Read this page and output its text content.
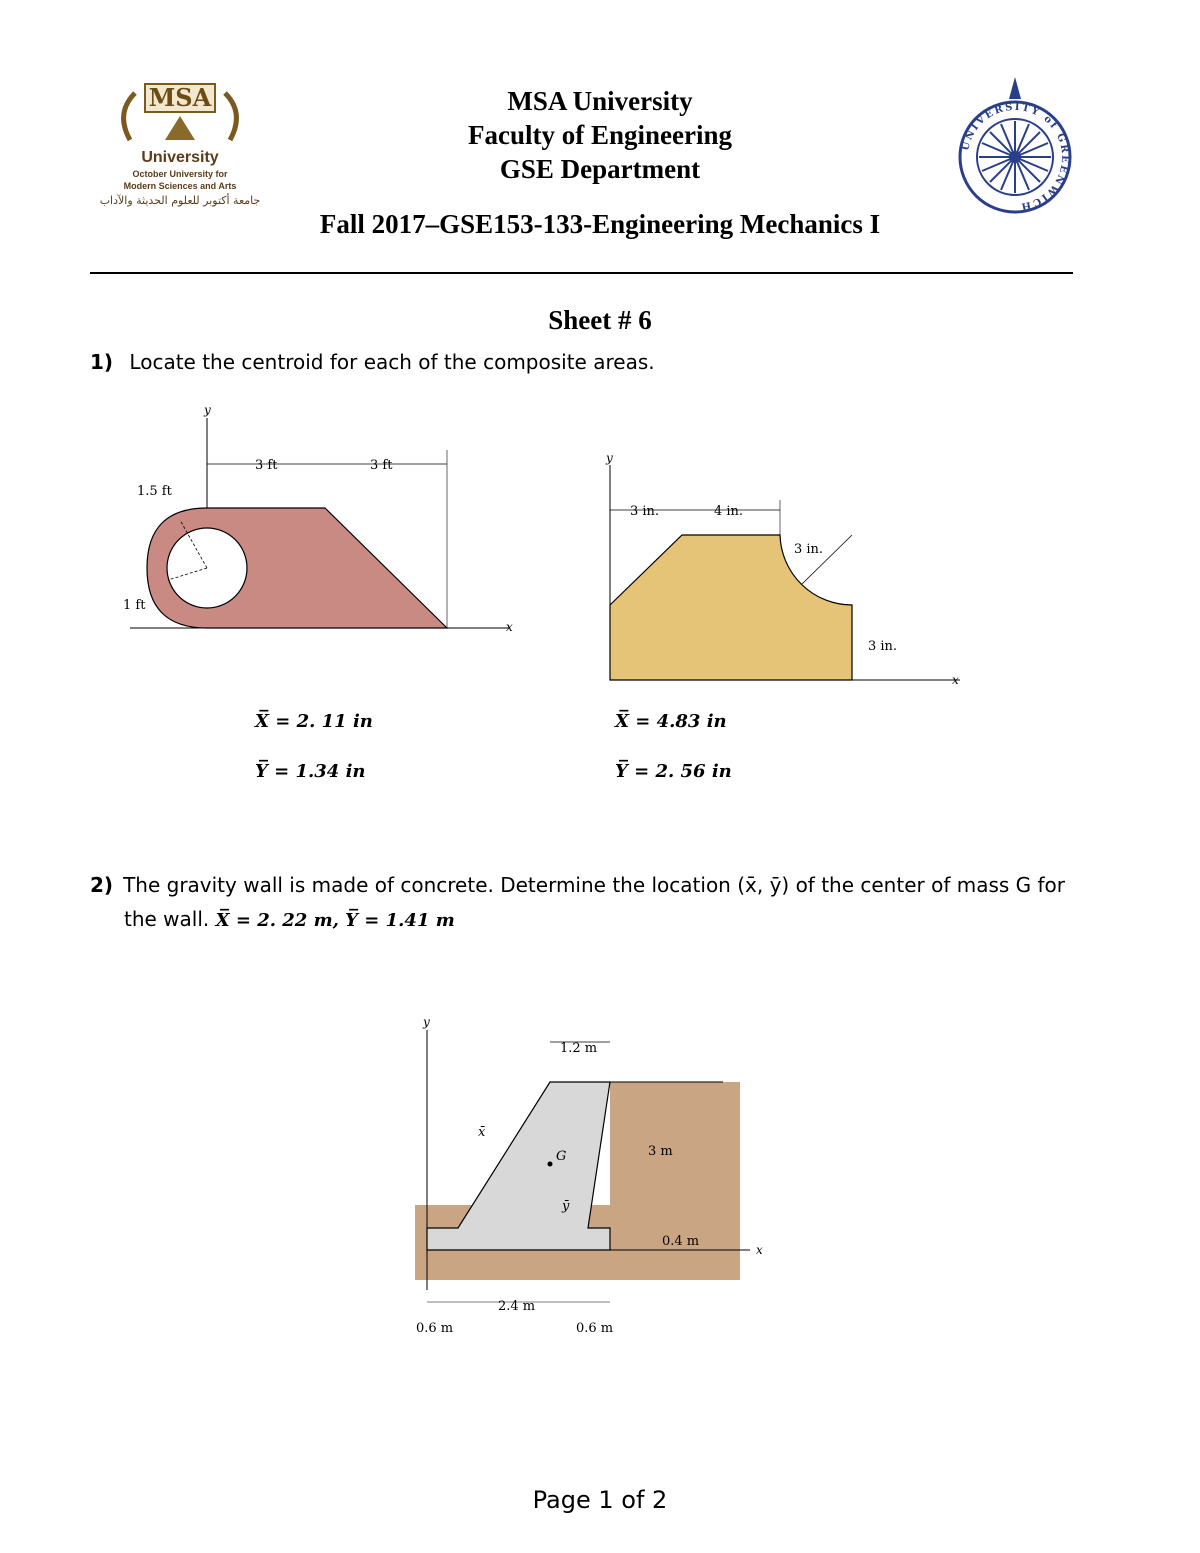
MSA
University
October University for
Modern Sciences and Arts
جامعة أكتوبر للعلوم الحديثة والآداب
UNIVERSITY of GREENWICH
MSA University
Faculty of Engineering
GSE Department
Fall 2017–GSE153-133-Engineering Mechanics I
Sheet # 6
1) Locate the centroid for each of the composite areas.
y
x
3 ft	3 ft
1.5 ft
1 ft
y
x
3 in.	4 in.
3 in.
3 in.
X̅ = 2. 11 in
Y̅ = 1.34 in
X̅ = 4.83 in
Y̅ = 2. 56 in
2) The gravity wall is made of concrete. Determine the location (x̄, ȳ) of the center of mass G for
the wall. X̅ = 2. 22 m, Y̅ = 1.41 m
y
x
1.2 m
3 m
0.4 m
x̄
ȳ
G
0.6 m
2.4 m
0.6 m
Page 1 of 2
